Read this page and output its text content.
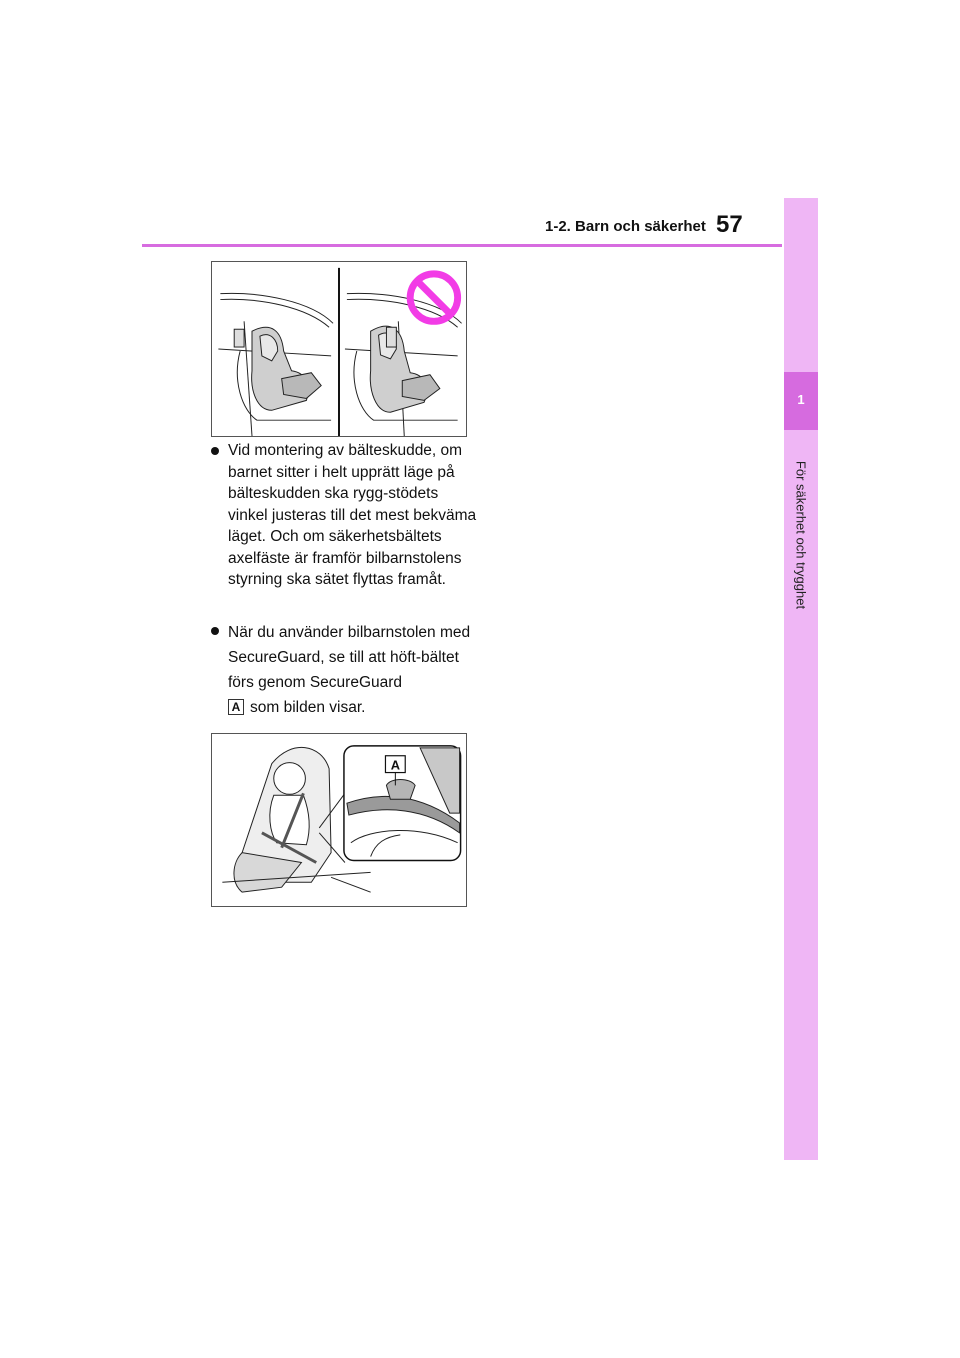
1-2. Barn och säkerhet 57
1
För säkerhet och trygghet
Vid montering av bälteskudde, om barnet sitter i helt upprätt läge på bälteskudden ska rygg-stödets vinkel justeras till det mest bekväma läget. Och om säkerhetsbältets axelfäste är framför bilbarnstolens styrning ska sätet flyttas framåt.
När du använder bilbarnstolen med SecureGuard, se till att höft-bältet förs genom SecureGuard
A som bilden visar.
A
